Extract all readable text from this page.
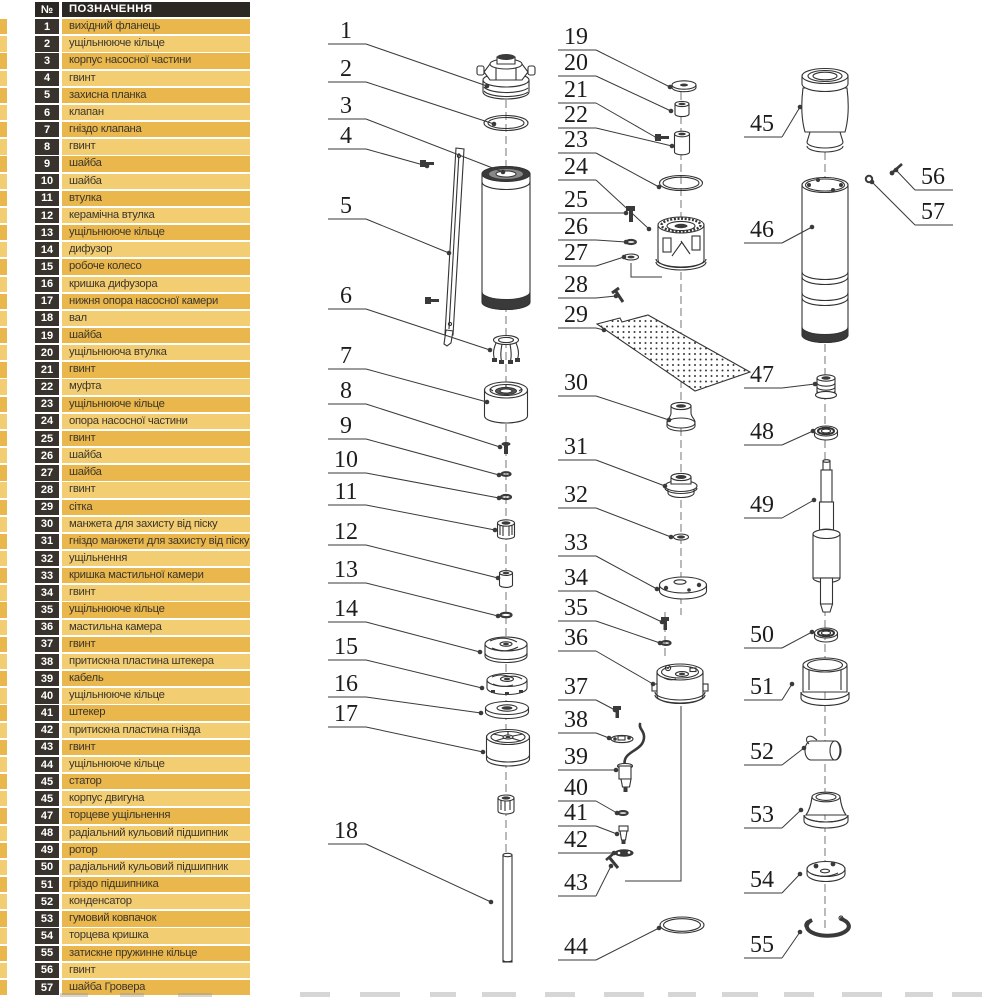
№	ПОЗНАЧЕННЯ
1	вихідний фланець
2	ущільнююче кільце
3	корпус насосної частини
4	гвинт
5	захисна планка
6	клапан
7	гніздо клапана
8	гвинт
9	шайба
10	шайба
11	втулка
12	керамічна втулка
13	ущільнююче кільце
14	дифузор
15	робоче колесо
16	кришка дифузора
17	нижня опора насосної камери
18	вал
19	шайба
20	ущільнююча втулка
21	гвинт
22	муфта
23	ущільнююче кільце
24	опора насосної частини
25	гвинт
26	шайба
27	шайба
28	гвинт
29	сітка
30	манжета для захисту від піску
31	гніздо манжети для захисту від піску
32	ущільнення
33	кришка мастильної камери
34	гвинт
35	ущільнююче кільце
36	мастильна камера
37	гвинт
38	притискна пластина штекера
39	кабель
40	ущільнююче кільце
41	штекер
42	притискна пластина гнізда
43	гвинт
44	ущільнююче кільце
45	статор
45	корпус двигуна
47	торцеве ущільнення
48	радіальний кульовий підшипник
49	ротор
50	радіальний кульовий підшипник
51	гріздо підшипника
52	конденсатор
53	гумовий ковпачок
54	торцева кришка
55	затискне пружинне кільце
56	гвинт
57	шайба Гровера
1
2
3
4
5
6
7
8
9
10
11
12
13
14
15
16
17
18
19
20
21
22
23
24
25
26
27
28
29
30
31
32
33
34
35
36
37
38
39
40
41
42
43
44
45
46
47
48
49
50
51
52
53
54
55
56
57
